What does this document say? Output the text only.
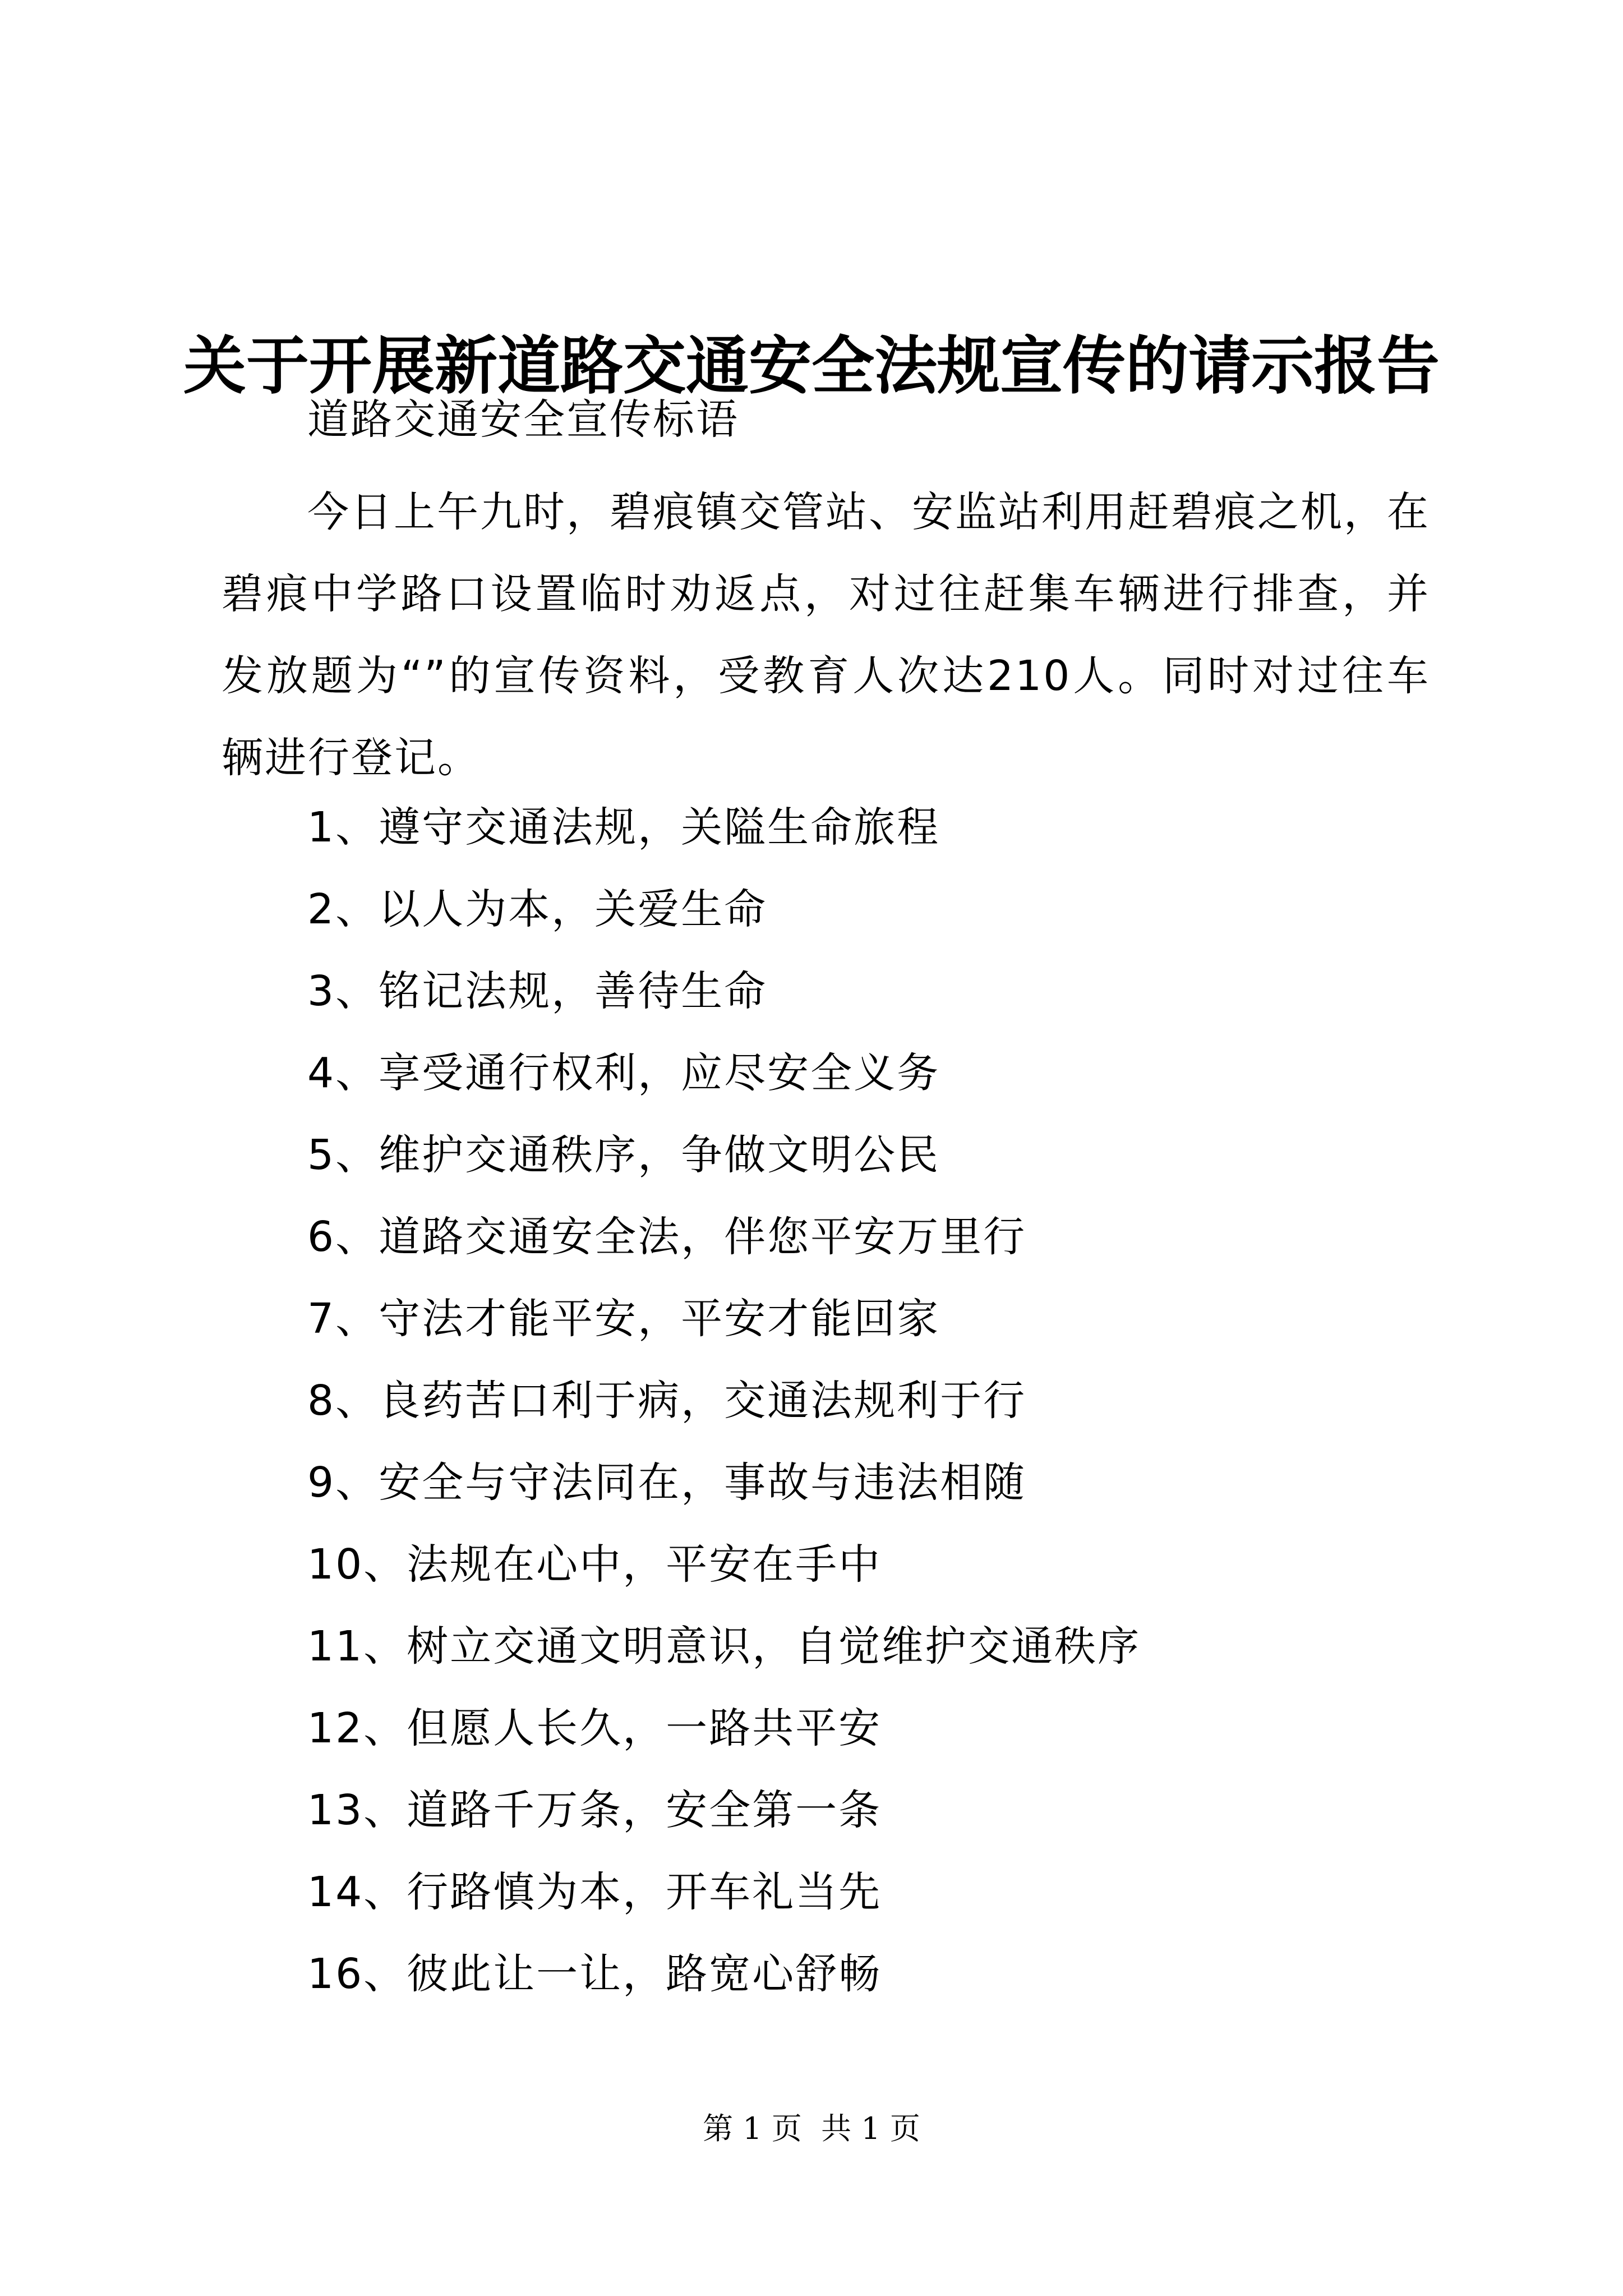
关于开展新道路交通安全法规宣传的请示报告
道路交通安全宣传标语

今日上午九时，碧痕镇交管站、安监站利用赶碧痕之机，在碧痕中学路口设置临时劝返点，对过往赶集车辆进行排查，并发放题为“”的宣传资料，受教育人次达210人。同时对过往车辆进行登记。

1、遵守交通法规，关隘生命旅程
2、以人为本，关爱生命
3、铭记法规，善待生命
4、享受通行权利，应尽安全义务
5、维护交通秩序，争做文明公民
6、道路交通安全法，伴您平安万里行
7、守法才能平安，平安才能回家
8、良药苦口利于病，交通法规利于行
9、安全与守法同在，事故与违法相随
10、法规在心中，平安在手中
11、树立交通文明意识，自觉维护交通秩序
12、但愿人长久，一路共平安
13、道路千万条，安全第一条
14、行路慎为本，开车礼当先
16、彼此让一让，路宽心舒畅
第 1 页  共 1 页
